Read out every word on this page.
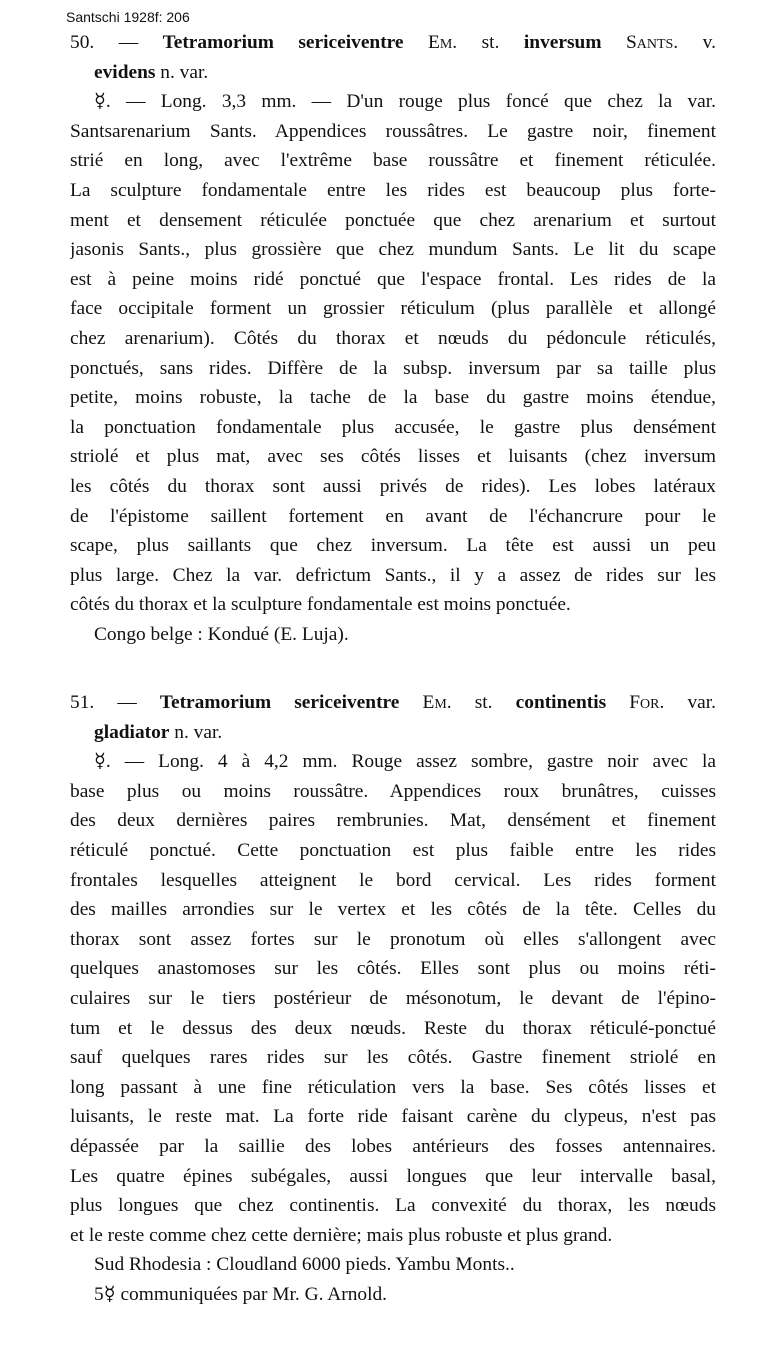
Santschi 1928f: 206
50. — Tetramorium sericeiventre Em. st. inversum Sants. v.
evidens n. var.
☿. — Long. 3,3 mm. — D'un rouge plus foncé que chez la var.
Santsarenarium Sants. Appendices roussâtres. Le gastre noir, finement
strié en long, avec l'extrême base roussâtre et finement réticulée.
La sculpture fondamentale entre les rides est beaucoup plus forte-
ment et densement réticulée ponctuée que chez arenarium et surtout
jasonis Sants., plus grossière que chez mundum Sants. Le lit du scape
est à peine moins ridé ponctué que l'espace frontal. Les rides de la
face occipitale forment un grossier réticulum (plus parallèle et allongé
chez arenarium). Côtés du thorax et nœuds du pédoncule réticulés,
ponctués, sans rides. Diffère de la subsp. inversum par sa taille plus
petite, moins robuste, la tache de la base du gastre moins étendue,
la ponctuation fondamentale plus accusée, le gastre plus densément
striolé et plus mat, avec ses côtés lisses et luisants (chez inversum
les côtés du thorax sont aussi privés de rides). Les lobes latéraux
de l'épistome saillent fortement en avant de l'échancrure pour le
scape, plus saillants que chez inversum. La tête est aussi un peu
plus large. Chez la var. defrictum Sants., il y a assez de rides sur les
côtés du thorax et la sculpture fondamentale est moins ponctuée.
Congo belge : Kondué (E. Luja).
51. — Tetramorium sericeiventre Em. st. continentis For. var.
gladiator n. var.
☿. — Long. 4 à 4,2 mm. Rouge assez sombre, gastre noir avec la
base plus ou moins roussâtre. Appendices roux brunâtres, cuisses
des deux dernières paires rembrunies. Mat, densément et finement
réticulé ponctué. Cette ponctuation est plus faible entre les rides
frontales lesquelles atteignent le bord cervical. Les rides forment
des mailles arrondies sur le vertex et les côtés de la tête. Celles du
thorax sont assez fortes sur le pronotum où elles s'allongent avec
quelques anastomoses sur les côtés. Elles sont plus ou moins réti-
culaires sur le tiers postérieur de mésonotum, le devant de l'épino-
tum et le dessus des deux nœuds. Reste du thorax réticulé-ponctué
sauf quelques rares rides sur les côtés. Gastre finement striolé en
long passant à une fine réticulation vers la base. Ses côtés lisses et
luisants, le reste mat. La forte ride faisant carène du clypeus, n'est pas
dépassée par la saillie des lobes antérieurs des fosses antennaires.
Les quatre épines subégales, aussi longues que leur intervalle basal,
plus longues que chez continentis. La convexité du thorax, les nœuds
et le reste comme chez cette dernière; mais plus robuste et plus grand.
Sud Rhodesia : Cloudland 6000 pieds. Yambu Monts..
5☿ communiquées par Mr. G. Arnold.
